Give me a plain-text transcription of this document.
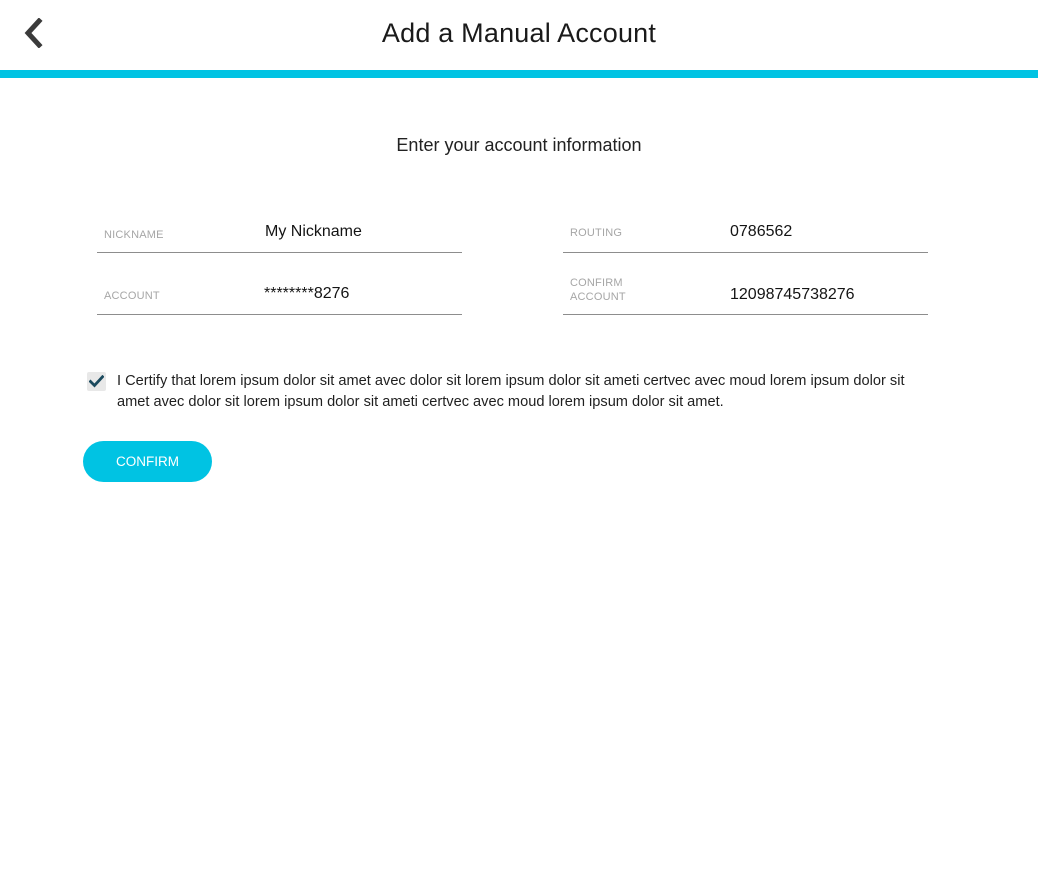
Add a Manual Account
Enter your account information
NICKNAME
My Nickname
ACCOUNT
********8276
ROUTING
0786562
CONFIRM
ACCOUNT
12098745738276
I Certify that lorem ipsum dolor sit amet avec dolor sit lorem ipsum dolor sit ameti certvec avec moud lorem ipsum dolor sit amet avec dolor sit lorem ipsum dolor sit ameti certvec avec moud lorem ipsum dolor sit amet.
CONFIRM
